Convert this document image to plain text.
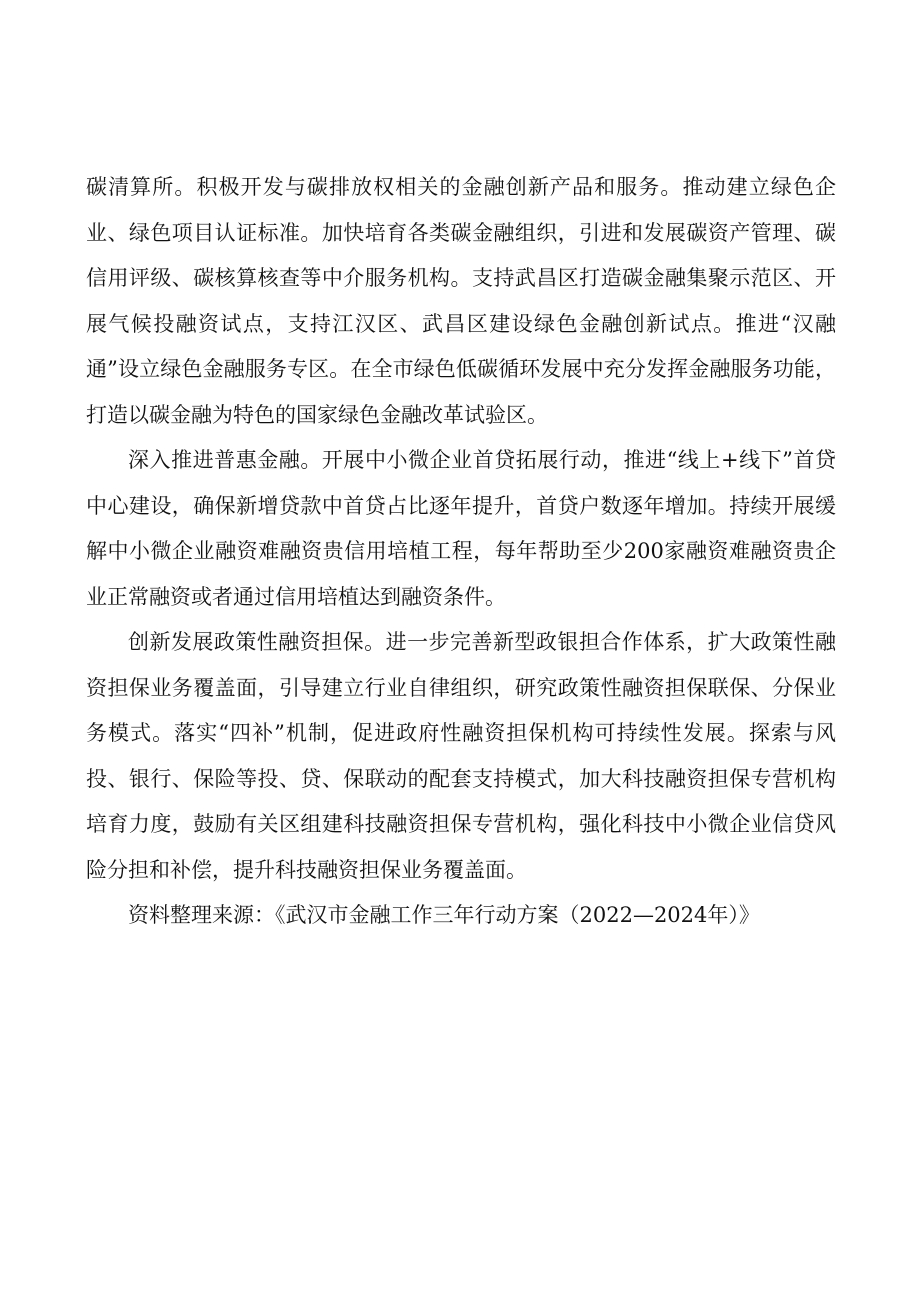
碳清算所。积极开发与碳排放权相关的金融创新产品和服务。推动建立绿色企业、绿色项目认证标准。加快培育各类碳金融组织，引进和发展碳资产管理、碳信用评级、碳核算核查等中介服务机构。支持武昌区打造碳金融集聚示范区、开展气候投融资试点，支持江汉区、武昌区建设绿色金融创新试点。推进“汉融通”设立绿色金融服务专区。在全市绿色低碳循环发展中充分发挥金融服务功能，打造以碳金融为特色的国家绿色金融改革试验区。

深入推进普惠金融。开展中小微企业首贷拓展行动，推进“线上+线下”首贷中心建设，确保新增贷款中首贷占比逐年提升，首贷户数逐年增加。持续开展缓解中小微企业融资难融资贵信用培植工程，每年帮助至少200家融资难融资贵企业正常融资或者通过信用培植达到融资条件。

创新发展政策性融资担保。进一步完善新型政银担合作体系，扩大政策性融资担保业务覆盖面，引导建立行业自律组织，研究政策性融资担保联保、分保业务模式。落实“四补”机制，促进政府性融资担保机构可持续性发展。探索与风投、银行、保险等投、贷、保联动的配套支持模式，加大科技融资担保专营机构培育力度，鼓励有关区组建科技融资担保专营机构，强化科技中小微企业信贷风险分担和补偿，提升科技融资担保业务覆盖面。

资料整理来源：《武汉市金融工作三年行动方案（2022—2024年）》
